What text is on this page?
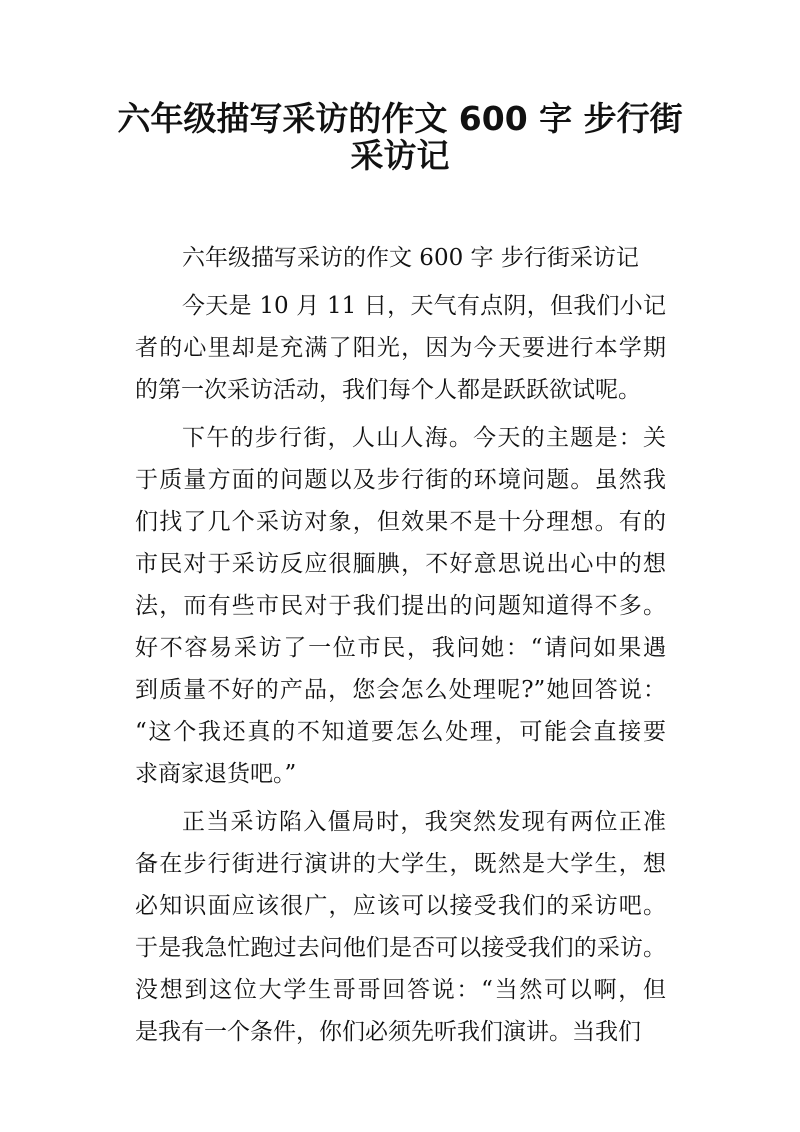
六年级描写采访的作文 600 字 步行街
采访记
六年级描写采访的作文 600 字 步行街采访记
今天是 10 月 11 日，天气有点阴，但我们小记
者的心里却是充满了阳光，因为今天要进行本学期
的第一次采访活动，我们每个人都是跃跃欲试呢。
下午的步行街，人山人海。今天的主题是：关
于质量方面的问题以及步行街的环境问题。虽然我
们找了几个采访对象，但效果不是十分理想。有的
市民对于采访反应很腼腆，不好意思说出心中的想
法，而有些市民对于我们提出的问题知道得不多。
好不容易采访了一位市民，我问她：“请问如果遇
到质量不好的产品，您会怎么处理呢?”她回答说：
“这个我还真的不知道要怎么处理，可能会直接要
求商家退货吧。”
正当采访陷入僵局时，我突然发现有两位正准
备在步行街进行演讲的大学生，既然是大学生，想
必知识面应该很广，应该可以接受我们的采访吧。
于是我急忙跑过去问他们是否可以接受我们的采访。
没想到这位大学生哥哥回答说：“当然可以啊，但
是我有一个条件，你们必须先听我们演讲。当我们
